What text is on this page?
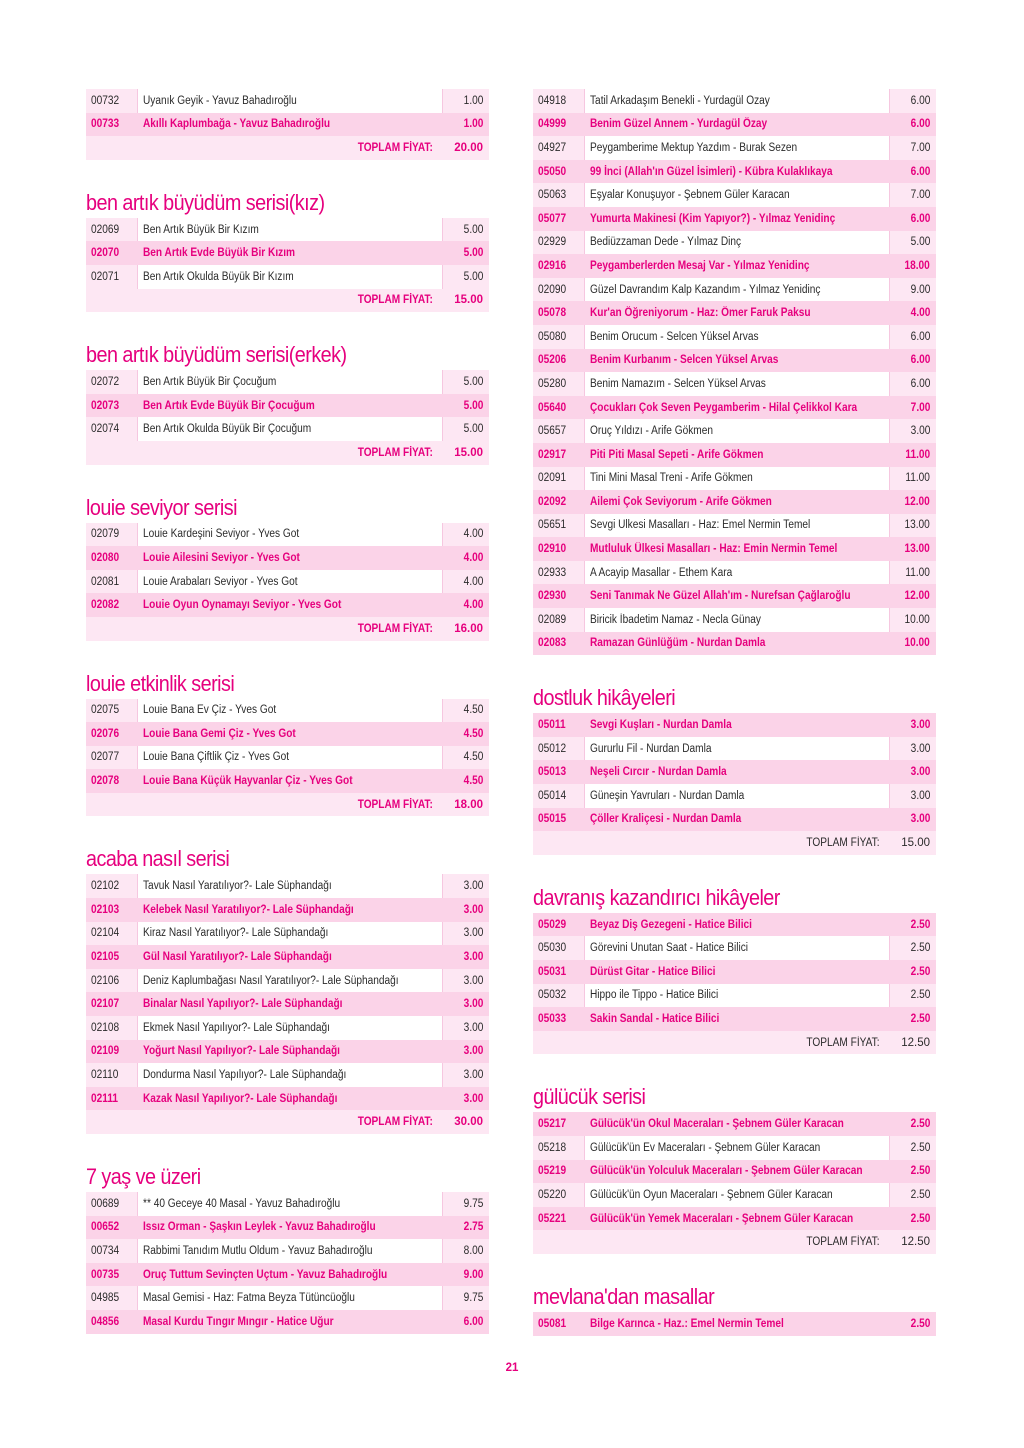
00732 Uyanık Geyik - Yavuz Bahadıroğlu	1.00
00733 Akıllı Kaplumbağa - Yavuz Bahadıroğlu	1.00
TOPLAM FİYAT:	20.00
ben artık büyüdüm serisi(kız)
02069 Ben Artık Büyük Bir Kızım	5.00
02070 Ben Artık Evde Büyük Bir Kızım	5.00
02071 Ben Artık Okulda Büyük Bir Kızım	5.00
TOPLAM FİYAT:	15.00
ben artık büyüdüm serisi(erkek)
02072 Ben Artık Büyük Bir Çocuğum	5.00
02073 Ben Artık Evde Büyük Bir Çocuğum	5.00
02074 Ben Artık Okulda Büyük Bir Çocuğum	5.00
TOPLAM FİYAT:	15.00
louie seviyor serisi
02079 Louie Kardeşini Seviyor - Yves Got	4.00
02080 Louie Ailesini Seviyor - Yves Got	4.00
02081 Louie Arabaları Seviyor - Yves Got	4.00
02082 Louie Oyun Oynamayı Seviyor - Yves Got	4.00
TOPLAM FİYAT:	16.00
louie etkinlik serisi
02075 Louie Bana Ev Çiz - Yves Got	4.50
02076 Louie Bana Gemi Çiz - Yves Got	4.50
02077 Louie Bana Çiftlik Çiz - Yves Got	4.50
02078 Louie Bana Küçük Hayvanlar Çiz - Yves Got	4.50
TOPLAM FİYAT:	18.00
acaba nasıl serisi
02102 Tavuk Nasıl Yaratılıyor?- Lale Süphandağı	3.00
02103 Kelebek Nasıl Yaratılıyor?- Lale Süphandağı	3.00
02104 Kiraz Nasıl Yaratılıyor?- Lale Süphandağı	3.00
02105 Gül Nasıl Yaratılıyor?- Lale Süphandağı	3.00
02106 Deniz Kaplumbağası Nasıl Yaratılıyor?- Lale Süphandağı	3.00
02107 Binalar Nasıl Yapılıyor?- Lale Süphandağı	3.00
02108 Ekmek Nasıl Yapılıyor?- Lale Süphandağı	3.00
02109 Yoğurt Nasıl Yapılıyor?- Lale Süphandağı	3.00
02110 Dondurma Nasıl Yapılıyor?- Lale Süphandağı	3.00
02111 Kazak Nasıl Yapılıyor?- Lale Süphandağı	3.00
TOPLAM FİYAT:	30.00
7 yaş ve üzeri
00689 ** 40 Geceye 40 Masal - Yavuz Bahadıroğlu	9.75
00652 Issız Orman - Şaşkın Leylek - Yavuz Bahadıroğlu	2.75
00734 Rabbimi Tanıdım Mutlu Oldum - Yavuz Bahadıroğlu	8.00
00735 Oruç Tuttum Sevinçten Uçtum - Yavuz Bahadıroğlu	9.00
04985 Masal Gemisi - Haz: Fatma Beyza Tütüncüoğlu	9.75
04856 Masal Kurdu Tıngır Mıngır - Hatice Uğur	6.00
04918 Tatil Arkadaşım Benekli - Yurdagül Özay	6.00
04999 Benim Güzel Annem - Yurdagül Özay	6.00
04927 Peygamberime Mektup Yazdım - Burak Sezen	7.00
05050 99 İnci (Allah'ın Güzel İsimleri) - Kübra Kulaklıkaya	6.00
05063 Eşyalar Konuşuyor - Şebnem Güler Karacan	7.00
05077 Yumurta Makinesi (Kim Yapıyor?) - Yılmaz Yenidinç	6.00
02929 Bediüzzaman Dede - Yılmaz Dinç	5.00
02916 Peygamberlerden Mesaj Var - Yılmaz Yenidinç	18.00
02090 Güzel Davrandım Kalp Kazandım - Yılmaz Yenidinç	9.00
05078 Kur'an Öğreniyorum - Haz: Ömer Faruk Paksu	4.00
05080 Benim Orucum - Selcen Yüksel Arvas	6.00
05206 Benim Kurbanım - Selcen Yüksel Arvas	6.00
05280 Benim Namazım - Selcen Yüksel Arvas	6.00
05640 Çocukları Çok Seven Peygamberim - Hilal Çelikkol Kara	7.00
05657 Oruç Yıldızı - Arife Gökmen	3.00
02917 Piti Piti Masal Sepeti - Arife Gökmen	11.00
02091 Tini Mini Masal Treni - Arife Gökmen	11.00
02092 Ailemi Çok Seviyorum - Arife Gökmen	12.00
05651 Sevgi Ülkesi Masalları - Haz: Emel Nermin Temel	13.00
02910 Mutluluk Ülkesi Masalları - Haz: Emin Nermin Temel	13.00
02933 A Acayip Masallar - Ethem Kara	11.00
02930 Seni Tanımak Ne Güzel Allah'ım - Nurefsan Çağlaroğlu	12.00
02089 Biricik İbadetim Namaz - Necla Günay	10.00
02083 Ramazan Günlüğüm - Nurdan Damla	10.00
dostluk hikâyeleri
05011 Sevgi Kuşları - Nurdan Damla	3.00
05012 Gururlu Fil - Nurdan Damla	3.00
05013 Neşeli Cırcır - Nurdan Damla	3.00
05014 Güneşin Yavruları - Nurdan Damla	3.00
05015 Çöller Kraliçesi - Nurdan Damla	3.00
TOPLAM FİYAT:	15.00
davranış kazandırıcı hikâyeler
05029 Beyaz Diş Gezegeni - Hatice Bilici	2.50
05030 Görevini Unutan Saat - Hatice Bilici	2.50
05031 Dürüst Gitar - Hatice Bilici	2.50
05032 Hippo ile Tippo - Hatice Bilici	2.50
05033 Sakin Sandal - Hatice Bilici	2.50
TOPLAM FİYAT:	12.50
gülücük serisi
05217 Gülücük'ün Okul Maceraları - Şebnem Güler Karacan	2.50
05218 Gülücük'ün Ev Maceraları - Şebnem Güler Karacan	2.50
05219 Gülücük'ün Yolculuk Maceraları - Şebnem Güler Karacan	2.50
05220 Gülücük'ün Oyun Maceraları - Şebnem Güler Karacan	2.50
05221 Gülücük'ün Yemek Maceraları - Şebnem Güler Karacan	2.50
TOPLAM FİYAT:	12.50
mevlana'dan masallar
05081 Bilge Karınca - Haz.: Emel Nermin Temel	2.50
21
